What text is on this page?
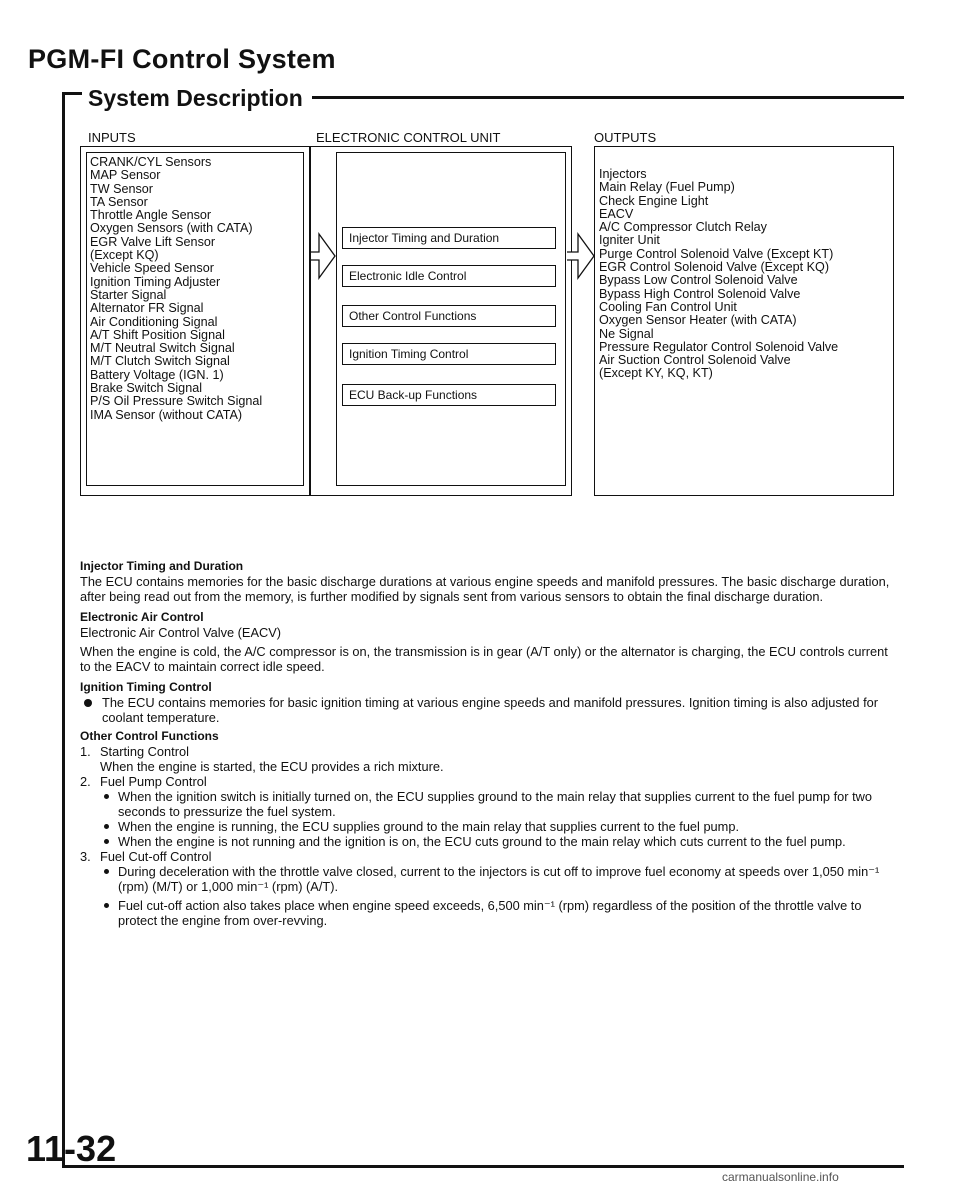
PGM-FI Control System
System Description
INPUTS	ELECTRONIC CONTROL UNIT	OUTPUTS
CRANK/CYL Sensors
MAP Sensor
TW Sensor
TA Sensor
Throttle Angle Sensor
Oxygen Sensors (with CATA)
EGR Valve Lift Sensor
(Except KQ)
Vehicle Speed Sensor
Ignition Timing Adjuster
Starter Signal
Alternator FR Signal
Air Conditioning Signal
A/T Shift Position Signal
M/T Neutral Switch Signal
M/T Clutch Switch Signal
Battery Voltage (IGN. 1)
Brake Switch Signal
P/S Oil Pressure Switch Signal
IMA Sensor (without CATA)
Injector Timing and Duration
Electronic Idle Control
Other Control Functions
Ignition Timing Control
ECU Back-up Functions
Injectors
Main Relay (Fuel Pump)
Check Engine Light
EACV
A/C Compressor Clutch Relay
Igniter Unit
Purge Control Solenoid Valve (Except KT)
EGR Control Solenoid Valve (Except KQ)
Bypass Low Control Solenoid Valve
Bypass High Control Solenoid Valve
Cooling Fan Control Unit
Oxygen Sensor Heater (with CATA)
Ne Signal
Pressure Regulator Control Solenoid Valve
Air Suction Control Solenoid Valve
(Except KY, KQ, KT)

Injector Timing and Duration

The ECU contains memories for the basic discharge durations at various engine speeds and manifold pressures. The basic discharge duration, after being read out from the memory, is further modified by signals sent from various sensors to obtain the final discharge duration.

Electronic Air Control

Electronic Air Control Valve (EACV)

When the engine is cold, the A/C compressor is on, the transmission is in gear (A/T only) or the alternator is charging, the ECU controls current to the EACV to maintain correct idle speed.

Ignition Timing Control

The ECU contains memories for basic ignition timing at various engine speeds and manifold pressures. Ignition timing is also adjusted for coolant temperature.

Other Control Functions

1. Starting Control
When the engine is started, the ECU provides a rich mixture.
2. Fuel Pump Control
When the ignition switch is initially turned on, the ECU supplies ground to the main relay that supplies current to the fuel pump for two seconds to pressurize the fuel system.
When the engine is running, the ECU supplies ground to the main relay that supplies current to the fuel pump.
When the engine is not running and the ignition is on, the ECU cuts ground to the main relay which cuts current to the fuel pump.
3. Fuel Cut-off Control
During deceleration with the throttle valve closed, current to the injectors is cut off to improve fuel economy at speeds over 1,050 min⁻¹ (rpm) (M/T) or 1,000 min⁻¹ (rpm) (A/T).
Fuel cut-off action also takes place when engine speed exceeds, 6,500 min⁻¹ (rpm) regardless of the position of the throttle valve to protect the engine from over-revving.
11-32
carmanualsonline.info
